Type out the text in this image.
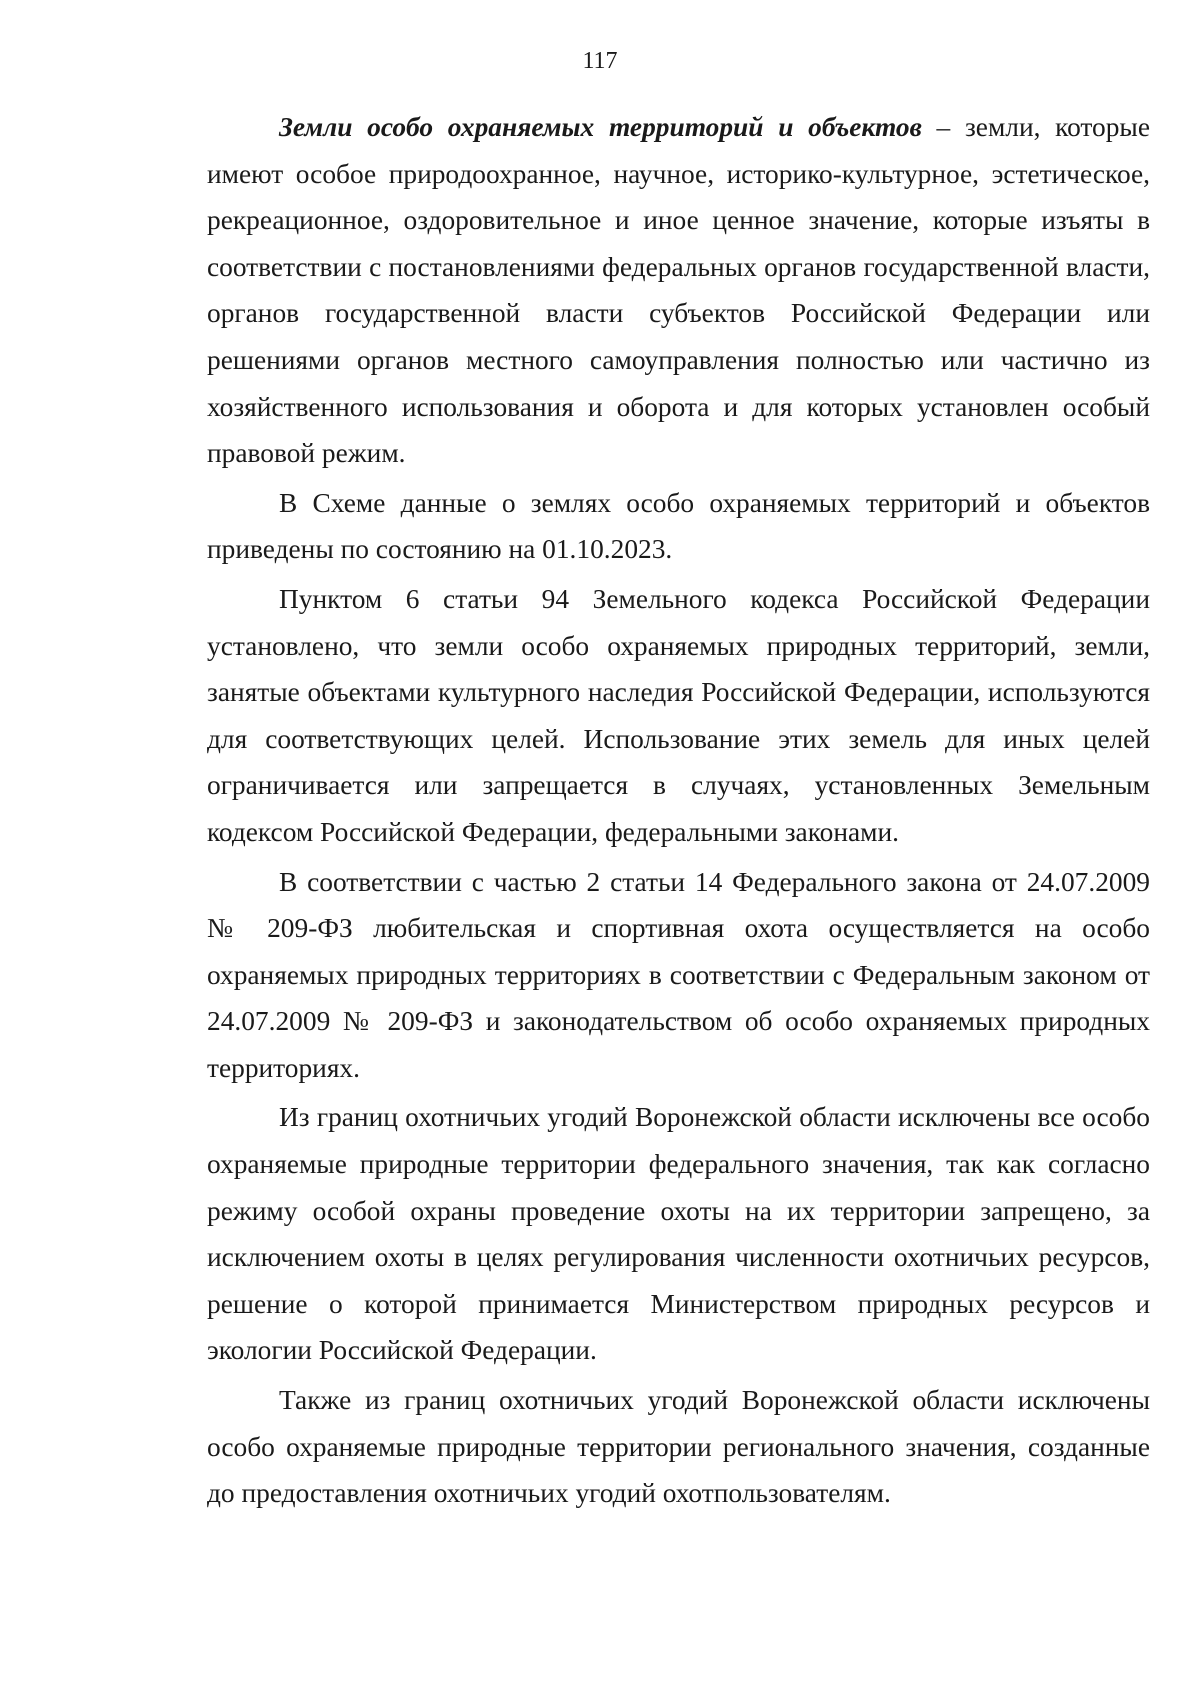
117

Земли особо охраняемых территорий и объектов – земли, которые имеют особое природоохранное, научное, историко-культурное, эстетическое, рекреационное, оздоровительное и иное ценное значение, которые изъяты в соответствии с постановлениями федеральных органов государственной власти, органов государственной власти субъектов Российской Федерации или решениями органов местного самоуправления полностью или частично из хозяйственного использования и оборота и для которых установлен особый правовой режим.

В Схеме данные о землях особо охраняемых территорий и объектов приведены по состоянию на 01.10.2023.

Пунктом 6 статьи 94 Земельного кодекса Российской Федерации установлено, что земли особо охраняемых природных территорий, земли, занятые объектами культурного наследия Российской Федерации, используются для соответствующих целей. Использование этих земель для иных целей ограничивается или запрещается в случаях, установленных Земельным кодексом Российской Федерации, федеральными законами.

В соответствии с частью 2 статьи 14 Федерального закона от 24.07.2009 № 209-ФЗ любительская и спортивная охота осуществляется на особо охраняемых природных территориях в соответствии с Федеральным законом от 24.07.2009 № 209-ФЗ и законодательством об особо охраняемых природных территориях.

Из границ охотничьих угодий Воронежской области исключены все особо охраняемые природные территории федерального значения, так как согласно режиму особой охраны проведение охоты на их территории запрещено, за исключением охоты в целях регулирования численности охотничьих ресурсов, решение о которой принимается Министерством природных ресурсов и экологии Российской Федерации.

Также из границ охотничьих угодий Воронежской области исключены особо охраняемые природные территории регионального значения, созданные до предоставления охотничьих угодий охотпользователям.
